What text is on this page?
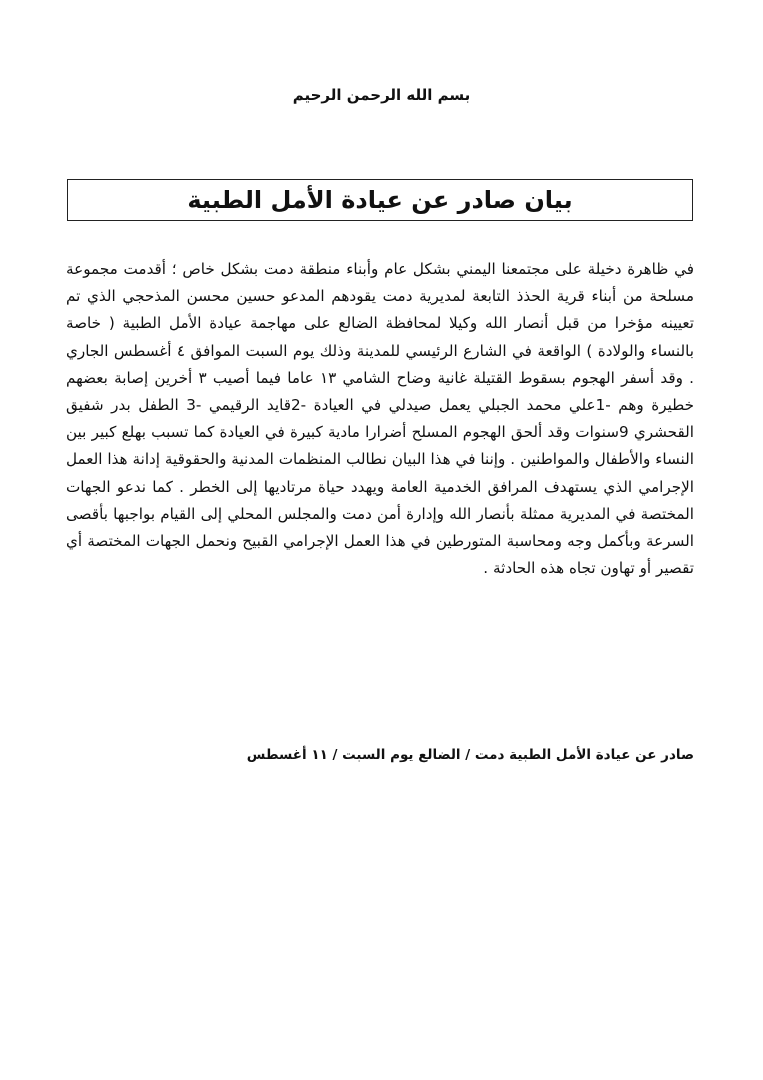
بسم الله الرحمن الرحيم
بيان صادر عن عيادة الأمل الطبية

في ظاهرة دخيلة على مجتمعنا اليمني بشكل عام وأبناء منطقة دمت بشكل خاص ؛ أقدمت مجموعة مسلحة من أبناء قرية الحذذ التابعة لمديرية دمت يقودهم المدعو حسين محسن المذحجي الذي تم تعيينه مؤخرا من قبل أنصار الله وكيلا لمحافظة الضالع على مهاجمة عيادة الأمل الطبية ( خاصة بالنساء والولادة ) الواقعة في الشارع الرئيسي للمدينة وذلك يوم السبت الموافق ٤ أغسطس الجاري . وقد أسفر الهجوم بسقوط القتيلة غانية وضاح الشامي ١٣ عاما فيما أصيب ٣ أخرين إصابة بعضهم خطيرة وهم -1علي محمد الجبلي يعمل صيدلي في العيادة -2قايد الرقيمي -3 الطفل بدر شفيق القحشري 9سنوات وقد ألحق الهجوم المسلح أضرارا مادية كبيرة في العيادة كما تسبب بهلع كبير بين النساء والأطفال والمواطنين . وإننا في هذا البيان نطالب المنظمات المدنية والحقوقية إدانة هذا العمل الإجرامي الذي يستهدف المرافق الخدمية العامة ويهدد حياة مرتاديها إلى الخطر . كما ندعو الجهات المختصة في المديرية ممثلة بأنصار الله وإدارة أمن دمت والمجلس المحلي إلى القيام بواجبها بأقصى السرعة وبأكمل وجه ومحاسبة المتورطين في هذا العمل الإجرامي القبيح ونحمل الجهات المختصة أي تقصير أو تهاون تجاه هذه الحادثة .

صادر عن عيادة الأمل الطبية دمت / الضالع يوم السبت / ١١ أغسطس
